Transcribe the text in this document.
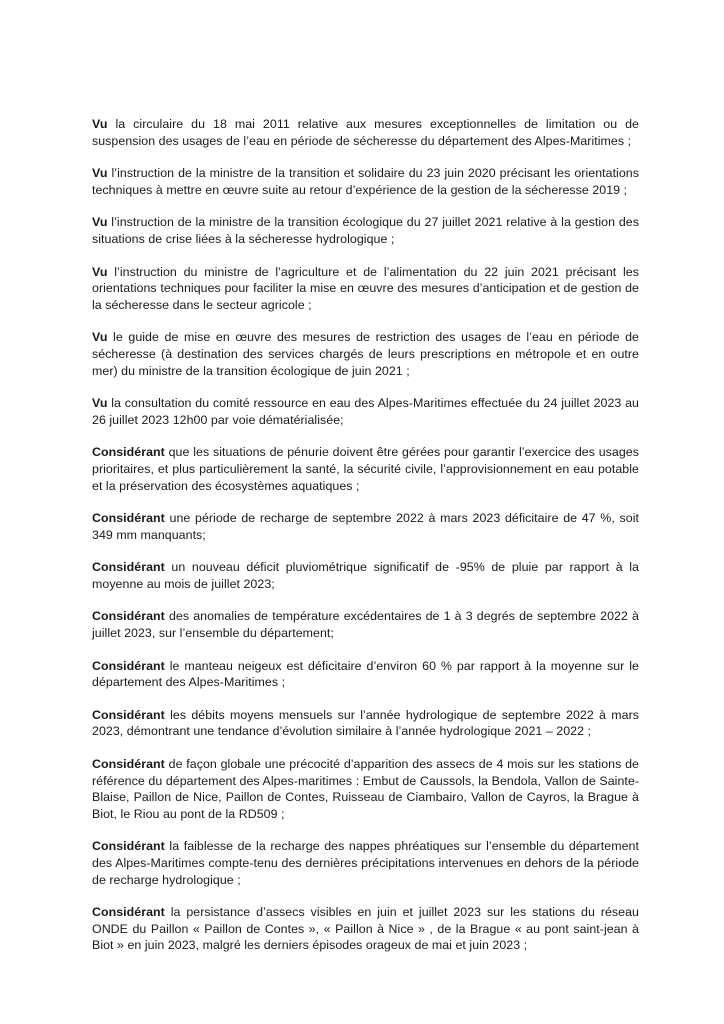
Vu la circulaire du 18 mai 2011 relative aux mesures exceptionnelles de limitation ou de suspension des usages de l’eau en période de sécheresse du département des Alpes-Maritimes ;

Vu l’instruction de la ministre de la transition et solidaire du 23 juin 2020 précisant les orientations techniques à mettre en œuvre suite au retour d’expérience de la gestion de la sécheresse 2019 ;

Vu l’instruction de la ministre de la transition écologique du 27 juillet 2021 relative à la gestion des situations de crise liées à la sécheresse hydrologique ;

Vu l’instruction du ministre de l’agriculture et de l’alimentation du 22 juin 2021 précisant les orientations techniques pour faciliter la mise en œuvre des mesures d’anticipation et de gestion de la sécheresse dans le secteur agricole ;

Vu le guide de mise en œuvre des mesures de restriction des usages de l’eau en période de sécheresse (à destination des services chargés de leurs prescriptions en métropole et en outre mer) du ministre de la transition écologique de juin 2021 ;

Vu la consultation du comité ressource en eau des Alpes-Maritimes effectuée du 24 juillet 2023 au 26 juillet 2023 12h00 par voie dématérialisée;

Considérant que les situations de pénurie doivent être gérées pour garantir l’exercice des usages prioritaires, et plus particulièrement la santé, la sécurité civile, l’approvisionnement en eau potable et la préservation des écosystèmes aquatiques ;

Considérant une période de recharge de septembre 2022 à mars 2023 déficitaire de 47 %, soit 349 mm manquants;

Considérant un nouveau déficit pluviométrique significatif de -95% de pluie par rapport à la moyenne au mois de juillet 2023;

Considérant des anomalies de température excédentaires de 1 à 3 degrés de septembre 2022 à juillet 2023, sur l’ensemble du département;

Considérant le manteau neigeux est déficitaire d’environ 60 % par rapport à la moyenne sur le département des Alpes-Maritimes ;

Considérant les débits moyens mensuels sur l’année hydrologique de septembre 2022 à mars 2023, démontrant une tendance d’évolution similaire à l’année hydrologique 2021 – 2022 ;

Considérant de façon globale une précocité d’apparition des assecs de 4 mois sur les stations de référence du département des Alpes-maritimes : Embut de Caussols, la Bendola, Vallon de Sainte-Blaise, Paillon de Nice, Paillon de Contes, Ruisseau de Ciambairo, Vallon de Cayros, la Brague à Biot, le Riou au pont de la RD509 ;

Considérant la faiblesse de la recharge des nappes phréatiques sur l’ensemble du département des Alpes-Maritimes compte-tenu des dernières précipitations intervenues en dehors de la période de recharge hydrologique ;

Considérant la persistance d’assecs visibles en juin et juillet 2023 sur les stations du réseau ONDE du Paillon « Paillon de Contes », « Paillon à Nice » , de la Brague « au pont saint-jean à Biot » en juin 2023, malgré les derniers épisodes orageux de mai et juin 2023 ;
